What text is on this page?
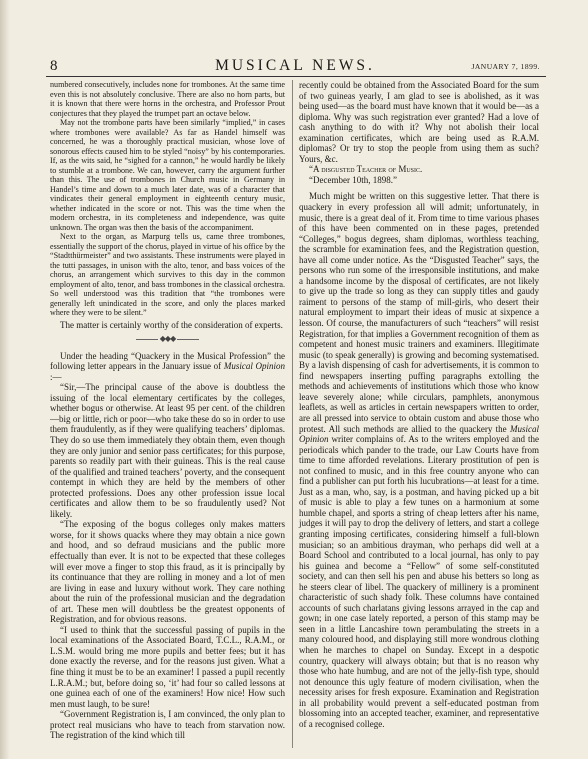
8	MUSICAL NEWS.	JANUARY 7, 1899.

numbered consecutively, includes none for trombones. At the same time even this is not absolutely conclusive. There are also no horn parts, but it is known that there were horns in the orchestra, and Professor Prout conjectures that they played the trumpet part an octave below.

May not the trombone parts have been similarly “implied,” in cases where trombones were available? As far as Handel himself was concerned, he was a thoroughly practical musician, whose love of sonorous effects caused him to be styled “noisy” by his contemporaries. If, as the wits said, he “sighed for a cannon,” he would hardly be likely to stumble at a trombone. We can, however, carry the argument further than this. The use of trombones in Church music in Germany in Handel’s time and down to a much later date, was of a character that vindicates their general employment in eighteenth century music, whether indicated in the score or not. This was the time when the modern orchestra, in its completeness and independence, was quite unknown. The organ was then the basis of the accompaniment.

Next to the organ, as Marpurg tells us, came three trombones, essentially the support of the chorus, played in virtue of his office by the “Stadtthürmeister” and two assistants. These instruments were played in the tutti passages, in unison with the alto, tenor, and bass voices of the chorus, an arrangement which survives to this day in the common employment of alto, tenor, and bass trombones in the classical orchestra. So well understood was this tradition that “the trombones were generally left unindicated in the score, and only the places marked where they were to be silent.”

The matter is certainly worthy of the consideration of experts.

◆◆◆

Under the heading “Quackery in the Musical Profession” the following letter appears in the January issue of Musical Opinion :—

“Sir,—The principal cause of the above is doubtless the issuing of the local elementary certificates by the colleges, whether bogus or otherwise. At least 95 per cent. of the children—big or little, rich or poor—who take these do so in order to use them fraudulently, as if they were qualifying teachers’ diplomas. They do so use them immediately they obtain them, even though they are only junior and senior pass certificates; for this purpose, parents so readily part with their guineas. This is the real cause of the qualified and trained teachers’ poverty, and the consequent contempt in which they are held by the members of other protected professions. Does any other profession issue local certificates and allow them to be so fraudulently used? Not likely.

“The exposing of the bogus colleges only makes matters worse, for it shows quacks where they may obtain a nice gown and hood, and so defraud musicians and the public more effectually than ever. It is not to be expected that these colleges will ever move a finger to stop this fraud, as it is principally by its continuance that they are rolling in money and a lot of men are living in ease and luxury without work. They care nothing about the ruin of the professional musician and the degradation of art. These men will doubtless be the greatest opponents of Registration, and for obvious reasons.

“I used to think that the successful passing of pupils in the local examinations of the Associated Board, T.C.L., R.A.M., or L.S.M. would bring me more pupils and better fees; but it has done exactly the reverse, and for the reasons just given. What a fine thing it must be to be an examiner! I passed a pupil recently L.R.A.M.; but, before doing so, ‘it’ had four so called lessons at one guinea each of one of the examiners! How nice! How such men must laugh, to be sure!

“Government Registration is, I am convinced, the only plan to protect real musicians who have to teach from starvation now. The registration of the kind which till

recently could be obtained from the Associated Board for the sum of two guineas yearly, I am glad to see is abolished, as it was being used—as the board must have known that it would be—as a diploma. Why was such registration ever granted? Had a love of cash anything to do with it? Why not abolish their local examination certificates, which are being used as R.A.M. diplomas? Or try to stop the people from using them as such? Yours, &c.

“A disgusted Teacher of Music.

“December 10th, 1898.”

Much might be written on this suggestive letter. That there is quackery in every profession all will admit; unfortunately, in music, there is a great deal of it. From time to time various phases of this have been commented on in these pages, pretended “Colleges,” bogus degrees, sham diplomas, worthless teaching, the scramble for examination fees, and the Registration question, have all come under notice. As the “Disgusted Teacher” says, the persons who run some of the irresponsible institutions, and make a handsome income by the disposal of certificates, are not likely to give up the trade so long as they can supply titles and gaudy raiment to persons of the stamp of mill-girls, who desert their natural employment to impart their ideas of music at sixpence a lesson. Of course, the manufacturers of such “teachers” will resist Registration, for that implies a Government recognition of them as competent and honest music trainers and examiners. Illegitimate music (to speak generally) is growing and becoming systematised. By a lavish dispensing of cash for advertisements, it is common to find newspapers inserting puffing paragraphs extolling the methods and achievements of institutions which those who know leave severely alone; while circulars, pamphlets, anonymous leaflets, as well as articles in certain newspapers written to order, are all pressed into service to obtain custom and abuse those who protest. All such methods are allied to the quackery the Musical Opinion writer complains of. As to the writers employed and the periodicals which pander to the trade, our Law Courts have from time to time afforded revelations. Literary prostitution of pen is not confined to music, and in this free country anyone who can find a publisher can put forth his lucubrations—at least for a time. Just as a man, who, say, is a postman, and having picked up a bit of music is able to play a few tunes on a harmonium at some humble chapel, and sports a string of cheap letters after his name, judges it will pay to drop the delivery of letters, and start a college granting imposing certificates, considering himself a full-blown musician; so an ambitious drayman, who perhaps did well at a Board School and contributed to a local journal, has only to pay his guinea and become a “Fellow” of some self-constituted society, and can then sell his pen and abuse his betters so long as he steers clear of libel. The quackery of millinery is a prominent characteristic of such shady folk. These columns have contained accounts of such charlatans giving lessons arrayed in the cap and gown; in one case lately reported, a person of this stamp may be seen in a little Lancashire town perambulating the streets in a many coloured hood, and displaying still more wondrous clothing when he marches to chapel on Sunday. Except in a despotic country, quackery will always obtain; but that is no reason why those who hate humbug, and are not of the jelly-fish type, should not denounce this ugly feature of modern civilisation, when the necessity arises for fresh exposure. Examination and Registration in all probability would prevent a self-educated postman from blossoming into an accepted teacher, examiner, and representative of a recognised college.
